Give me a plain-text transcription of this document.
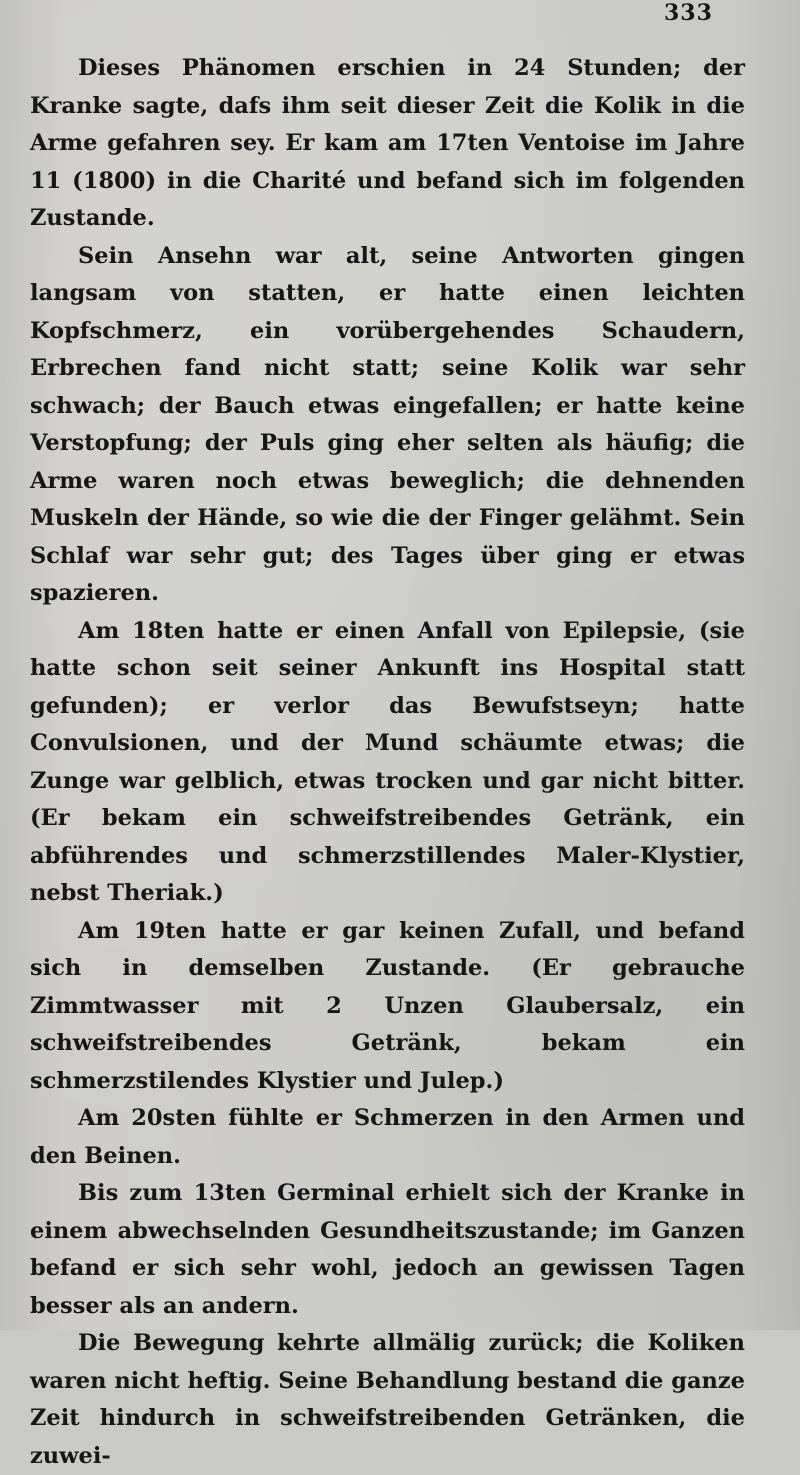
333

Dieses Phänomen erschien in 24 Stunden; der Kranke sagte, dafs ihm seit dieser Zeit die Kolik in die Arme gefahren sey. Er kam am 17ten Ventoise im Jahre 11 (1800) in die Charité und befand sich im folgenden Zustande.

Sein Ansehn war alt, seine Antworten gingen langsam von statten, er hatte einen leichten Kopfschmerz, ein vorübergehendes Schaudern, Erbrechen fand nicht statt; seine Kolik war sehr schwach; der Bauch etwas eingefallen; er hatte keine Verstopfung; der Puls ging eher selten als häufig; die Arme waren noch etwas beweglich; die dehnenden Muskeln der Hände, so wie die der Finger gelähmt. Sein Schlaf war sehr gut; des Tages über ging er etwas spazieren.

Am 18ten hatte er einen Anfall von Epilepsie, (sie hatte schon seit seiner Ankunft ins Hospital statt gefunden); er verlor das Bewufstseyn; hatte Convulsionen, und der Mund schäumte etwas; die Zunge war gelblich, etwas trocken und gar nicht bitter. (Er bekam ein schweifstreibendes Getränk, ein abführendes und schmerzstillendes Maler-Klystier, nebst Theriak.)

Am 19ten hatte er gar keinen Zufall, und befand sich in demselben Zustande. (Er gebrauche Zimmtwasser mit 2 Unzen Glaubersalz, ein schweifstreibendes Getränk, bekam ein schmerzstilendes Klystier und Julep.)

Am 20sten fühlte er Schmerzen in den Armen und den Beinen.

Bis zum 13ten Germinal erhielt sich der Kranke in einem abwechselnden Gesundheitszustande; im Ganzen befand er sich sehr wohl, jedoch an gewissen Tagen besser als an andern.

Die Bewegung kehrte allmälig zurück; die Koliken waren nicht heftig. Seine Behandlung bestand die ganze Zeit hindurch in schweifstreibenden Getränken, die zuwei-
